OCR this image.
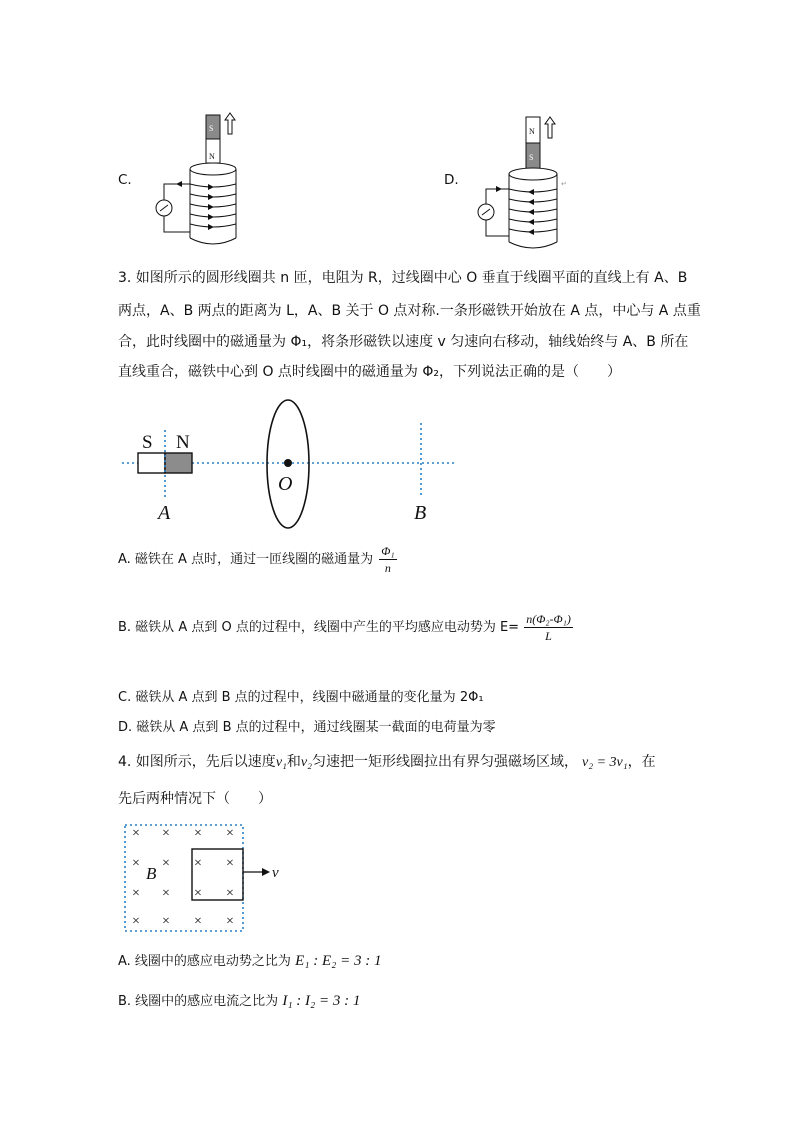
C.
S
N
D.
N
S
↵
3. 如图所示的圆形线圈共 n 匝，电阻为 R，过线圈中心 O 垂直于线圈平面的直线上有 A、B
两点，A、B 两点的距离为 L，A、B 关于 O 点对称.一条形磁铁开始放在 A 点，中心与 A 点重
合，此时线圈中的磁通量为 Φ₁，将条形磁铁以速度 v 匀速向右移动，轴线始终与 A、B 所在
直线重合，磁铁中心到 O 点时线圈中的磁通量为 Φ₂，下列说法正确的是（　　）
S N
A
O
B
A. 磁铁在 A 点时，通过一匝线圈的磁通量为 $\frac{\text{Φ₁}}{n}$
B. 磁铁从 A 点到 O 点的过程中，线圈中产生的平均感应电动势为 $E= \frac{\text{n(Φ₂-Φ₁)}}{L}$
C. 磁铁从 A 点到 B 点的过程中，线圈中磁通量的变化量为 2Φ₁
D. 磁铁从 A 点到 B 点的过程中，通过线圈某一截面的电荷量为零
4. 如图所示，先后以速度v₁和v₂匀速把一矩形线圈拉出有界匀强磁场区域， v₂ = 3v₁，在
先后两种情况下（　　）
× × × ×
× × × ×
× × × ×
× × × ×
B	v
A. 线圈中的感应电动势之比为 E₁ : E₂ = 3 : 1
B. 线圈中的感应电流之比为 I₁ : I₂ = 3 : 1
